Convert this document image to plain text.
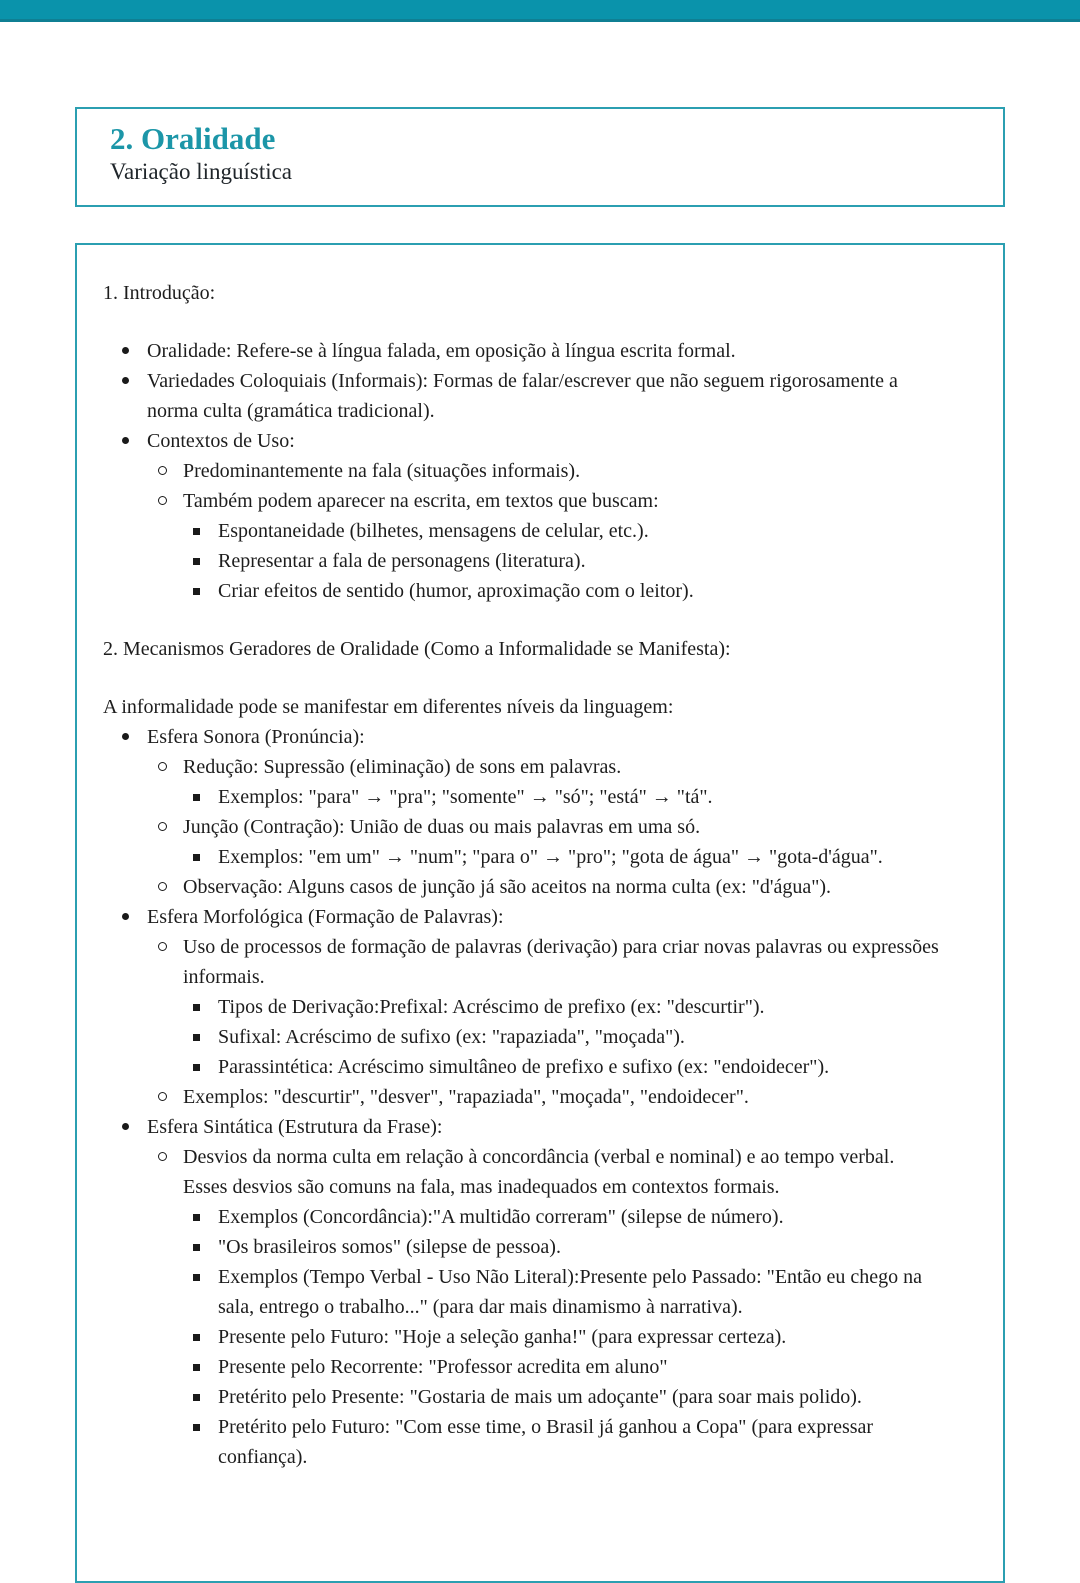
2. Oralidade

Variação linguística

1. Introdução:
Oralidade: Refere-se à língua falada, em oposição à língua escrita formal.
Variedades Coloquiais (Informais): Formas de falar/escrever que não seguem rigorosamente a norma culta (gramática tradicional).
Contextos de Uso:
Predominantemente na fala (situações informais).
Também podem aparecer na escrita, em textos que buscam:
Espontaneidade (bilhetes, mensagens de celular, etc.).
Representar a fala de personagens (literatura).
Criar efeitos de sentido (humor, aproximação com o leitor).
2. Mecanismos Geradores de Oralidade (Como a Informalidade se Manifesta):
A informalidade pode se manifestar em diferentes níveis da linguagem:
Esfera Sonora (Pronúncia):
Redução: Supressão (eliminação) de sons em palavras.
Exemplos: "para" → "pra"; "somente" → "só"; "está" → "tá".
Junção (Contração): União de duas ou mais palavras em uma só.
Exemplos: "em um" → "num"; "para o" → "pro"; "gota de água" → "gota-d'água".
Observação: Alguns casos de junção já são aceitos na norma culta (ex: "d'água").
Esfera Morfológica (Formação de Palavras):
Uso de processos de formação de palavras (derivação) para criar novas palavras ou expressões informais.
Tipos de Derivação:Prefixal: Acréscimo de prefixo (ex: "descurtir").
Sufixal: Acréscimo de sufixo (ex: "rapaziada", "moçada").
Parassintética: Acréscimo simultâneo de prefixo e sufixo (ex: "endoidecer").
Exemplos: "descurtir", "desver", "rapaziada", "moçada", "endoidecer".
Esfera Sintática (Estrutura da Frase):
Desvios da norma culta em relação à concordância (verbal e nominal) e ao tempo verbal. Esses desvios são comuns na fala, mas inadequados em contextos formais.
Exemplos (Concordância):"A multidão correram" (silepse de número).
"Os brasileiros somos" (silepse de pessoa).
Exemplos (Tempo Verbal - Uso Não Literal):Presente pelo Passado: "Então eu chego na sala, entrego o trabalho..." (para dar mais dinamismo à narrativa).
Presente pelo Futuro: "Hoje a seleção ganha!" (para expressar certeza).
Presente pelo Recorrente: "Professor acredita em aluno"
Pretérito pelo Presente: "Gostaria de mais um adoçante" (para soar mais polido).
Pretérito pelo Futuro: "Com esse time, o Brasil já ganhou a Copa" (para expressar confiança).
